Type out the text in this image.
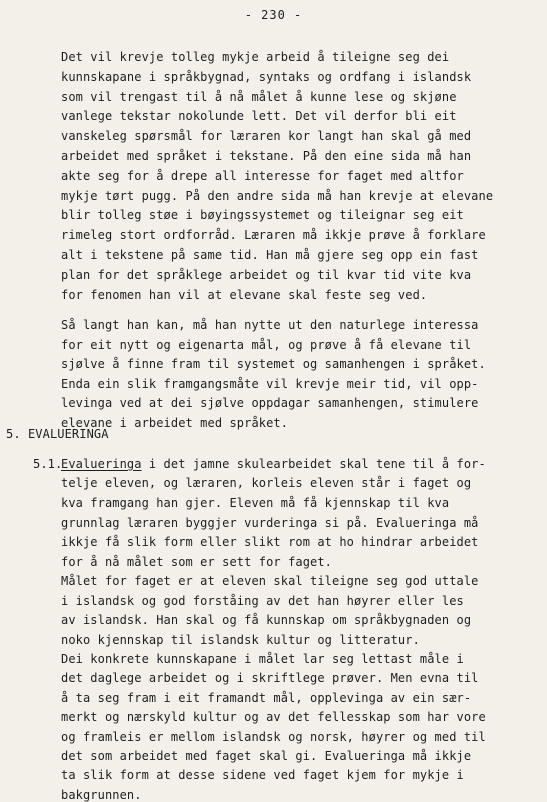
- 230 -
Det vil krevje tolleg mykje arbeid å tileigne seg dei
kunnskapane i språkbygnad, syntaks og ordfang i islandsk
som vil trengast til å nå målet å kunne lese og skjøne
vanlege tekstar nokolunde lett. Det vil derfor bli eit
vanskeleg spørsmål for læraren kor langt han skal gå med
arbeidet med språket i tekstane. På den eine sida må han
akte seg for å drepe all interesse for faget med altfor
mykje tørt pugg. På den andre sida må han krevje at elevane
blir tolleg støe i bøyingssystemet og tileignar seg eit
rimeleg stort ordforråd. Læraren må ikkje prøve å forklare
alt i tekstene på same tid. Han må gjere seg opp ein fast
plan for det språklege arbeidet og til kvar tid vite kva
for fenomen han vil at elevane skal feste seg ved.
Så langt han kan, må han nytte ut den naturlege interessa
for eit nytt og eigenarta mål, og prøve å få elevane til
sjølve å finne fram til systemet og samanhengen i språket.
Enda ein slik framgangsmåte vil krevje meir tid, vil opp-
levinga ved at dei sjølve oppdagar samanhengen, stimulere
elevane i arbeidet med språket.
5. EVALUERINGA
5.1.
Evalueringa i det jamne skulearbeidet skal tene til å for-
telje eleven, og læraren, korleis eleven står i faget og
kva framgang han gjer. Eleven må få kjennskap til kva
grunnlag læraren byggjer vurderinga si på. Evalueringa må
ikkje få slik form eller slikt rom at ho hindrar arbeidet
for å nå målet som er sett for faget.
Målet for faget er at eleven skal tileigne seg god uttale
i islandsk og god forståing av det han høyrer eller les
av islandsk. Han skal og få kunnskap om språkbygnaden og
noko kjennskap til islandsk kultur og litteratur.
Dei konkrete kunnskapane i målet lar seg lettast måle i
det daglege arbeidet og i skriftlege prøver. Men evna til
å ta seg fram i eit framandt mål, opplevinga av ein sær-
merkt og nærskyld kultur og av det fellesskap som har vore
og framleis er mellom islandsk og norsk, høyrer og med til
det som arbeidet med faget skal gi. Evalueringa må ikkje
ta slik form at desse sidene ved faget kjem for mykje i
bakgrunnen.
